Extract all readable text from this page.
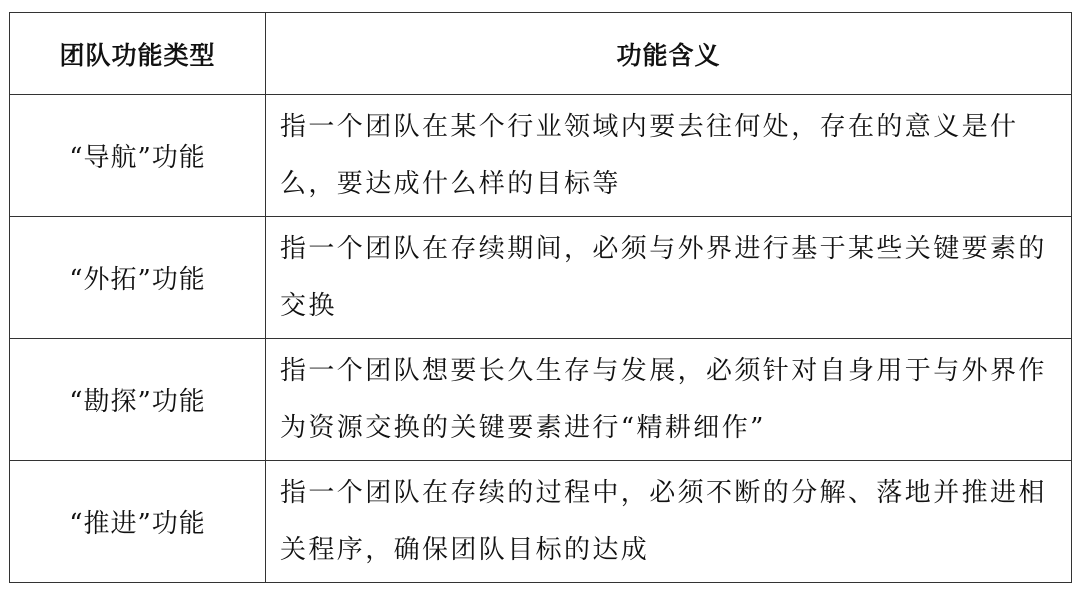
团队功能类型	功能含义
“导航”功能	指一个团队在某个行业领域内要去往何处，存在的意义是什么，要达成什么样的目标等
“外拓”功能	指一个团队在存续期间，必须与外界进行基于某些关键要素的交换
“勘探”功能	指一个团队想要长久生存与发展，必须针对自身用于与外界作为资源交换的关键要素进行“精耕细作”
“推进”功能	指一个团队在存续的过程中，必须不断的分解、落地并推进相关程序，确保团队目标的达成
